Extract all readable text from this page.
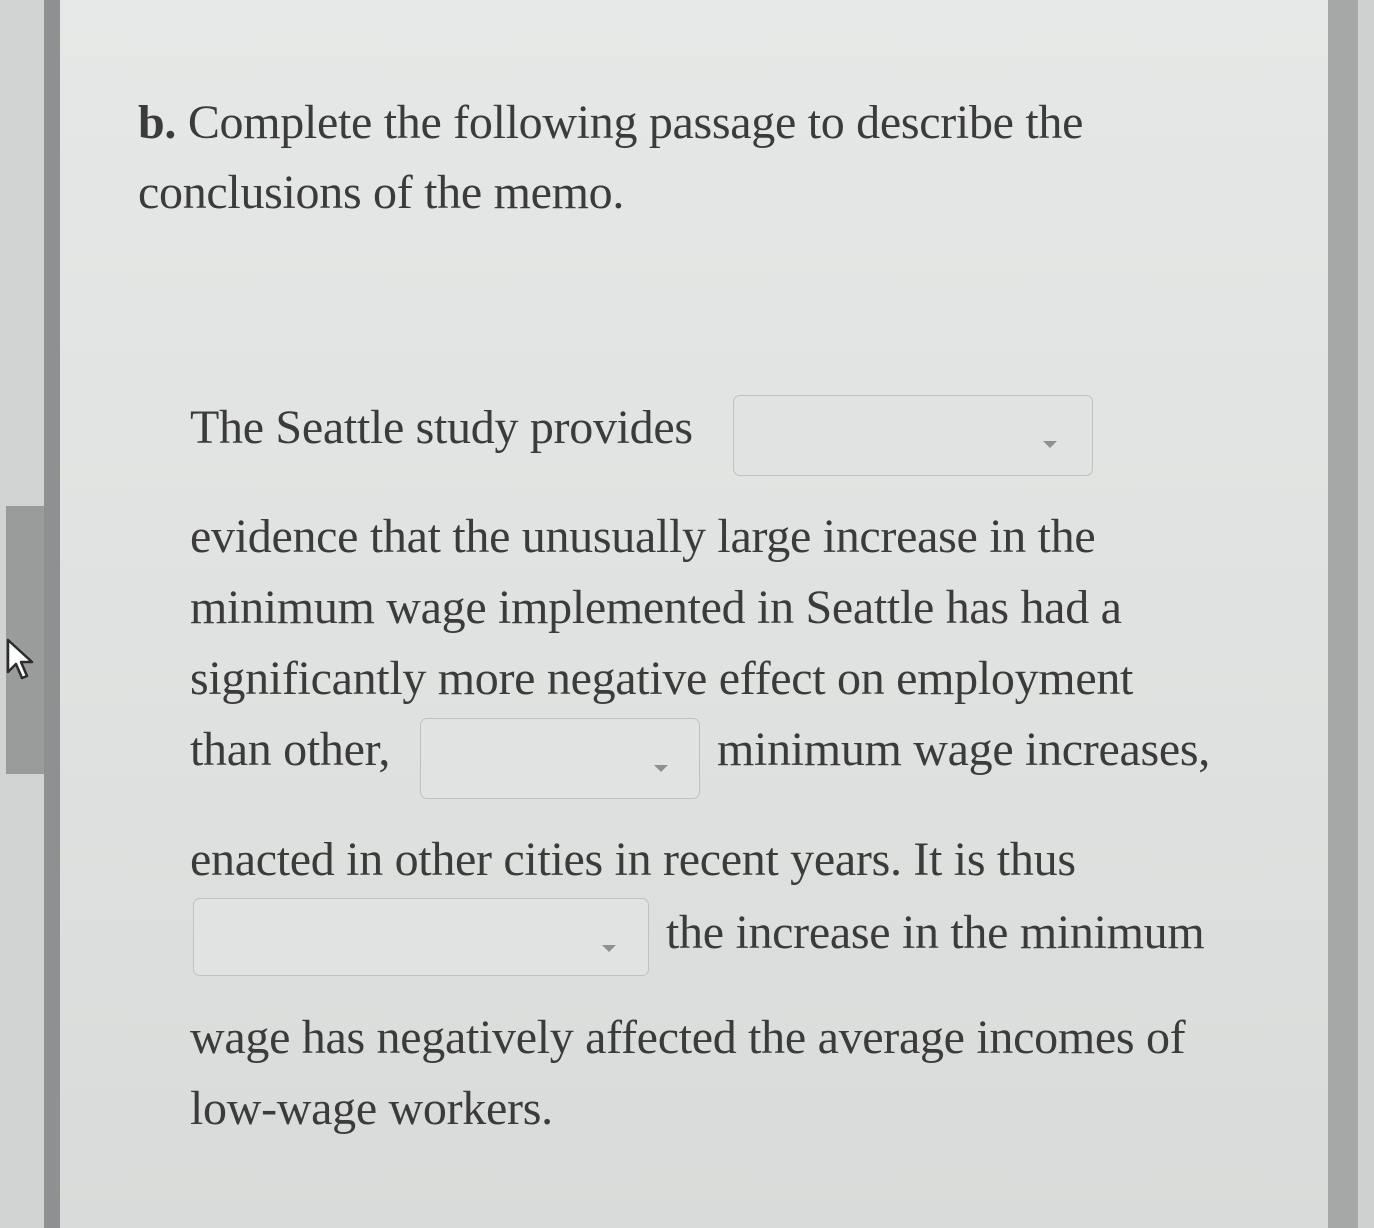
b. Complete the following passage to describe the
conclusions of the memo.
The Seattle study provides
evidence that the unusually large increase in the
minimum wage implemented in Seattle has had a
significantly more negative effect on employment
than other,	minimum wage increases,
enacted in other cities in recent years. It is thus
the increase in the minimum
wage has negatively affected the average incomes of
low-wage workers.
